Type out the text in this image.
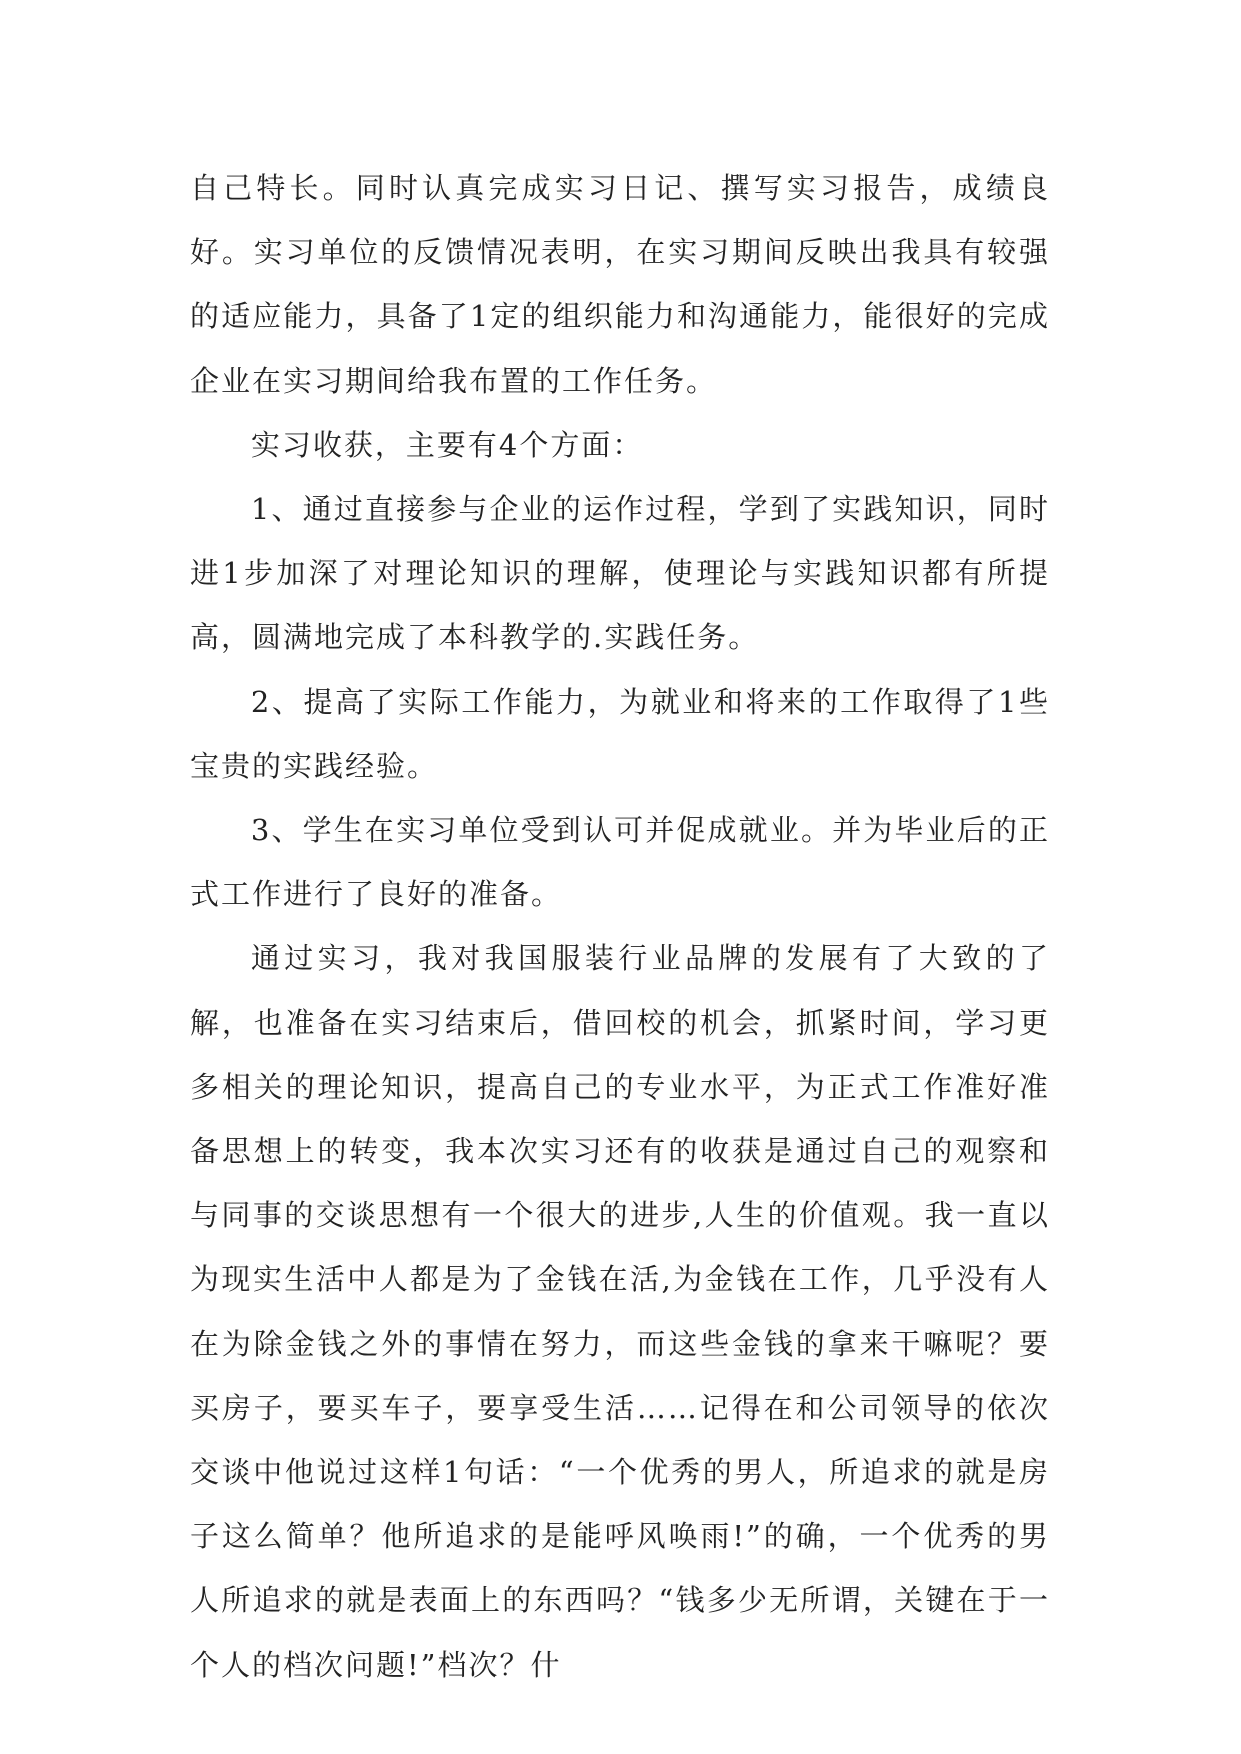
自己特长。同时认真完成实习日记、撰写实习报告，成绩良好。实习单位的反馈情况表明，在实习期间反映出我具有较强的适应能力，具备了1定的组织能力和沟通能力，能很好的完成企业在实习期间给我布置的工作任务。

实习收获，主要有4个方面：

1、通过直接参与企业的运作过程，学到了实践知识，同时进1步加深了对理论知识的理解，使理论与实践知识都有所提高，圆满地完成了本科教学的.实践任务。

2、提高了实际工作能力，为就业和将来的工作取得了1些宝贵的实践经验。

3、学生在实习单位受到认可并促成就业。并为毕业后的正式工作进行了良好的准备。

通过实习，我对我国服装行业品牌的发展有了大致的了解，也准备在实习结束后，借回校的机会，抓紧时间，学习更多相关的理论知识，提高自己的专业水平，为正式工作准好准备思想上的转变，我本次实习还有的收获是通过自己的观察和与同事的交谈思想有一个很大的进步,人生的价值观。我一直以为现实生活中人都是为了金钱在活,为金钱在工作，几乎没有人在为除金钱之外的事情在努力，而这些金钱的拿来干嘛呢？要买房子，要买车子，要享受生活……记得在和公司领导的依次交谈中他说过这样1句话：“一个优秀的男人，所追求的就是房子这么简单？他所追求的是能呼风唤雨!”的确，一个优秀的男人所追求的就是表面上的东西吗？“钱多少无所谓，关键在于一个人的档次问题!”档次？什
